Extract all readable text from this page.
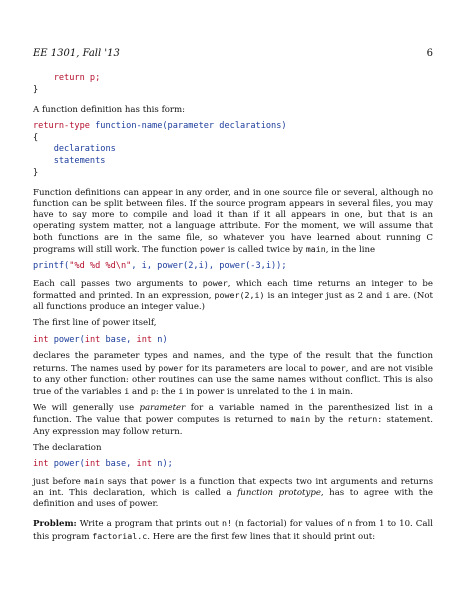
EE 1301, Fall '13	6
return p;
}

A function definition has this form:

return-type function-name(parameter declarations)
{
declarations
statements
}

Function definitions can appear in any order, and in one source file or several, although no function can be split between files. If the source program appears in several files, you may have to say more to compile and load it than if it all appears in one, but that is an operating system matter, not a language attribute. For the moment, we will assume that both functions are in the same file, so whatever you have learned about running C programs will still work. The function power is called twice by main, in the line

printf("%d %d %d\n", i, power(2,i), power(-3,i));

Each call passes two arguments to power, which each time returns an integer to be formatted and printed. In an expression, power(2,i) is an integer just as 2 and i are. (Not all functions produce an integer value.)

The first line of power itself,

int power(int base, int n)

declares the parameter types and names, and the type of the result that the function returns. The names used by power for its parameters are local to power, and are not visible to any other function: other routines can use the same names without conflict. This is also true of the variables i and p: the i in power is unrelated to the i in main.

We will generally use parameter for a variable named in the parenthesized list in a function. The value that power computes is returned to main by the return: statement. Any expression may follow return.

The declaration

int power(int base, int n);

just before main says that power is a function that expects two int arguments and returns an int. This declaration, which is called a function prototype, has to agree with the definition and uses of power.

Problem: Write a program that prints out n! (n factorial) for values of n from 1 to 10. Call this program factorial.c. Here are the first few lines that it should print out:
